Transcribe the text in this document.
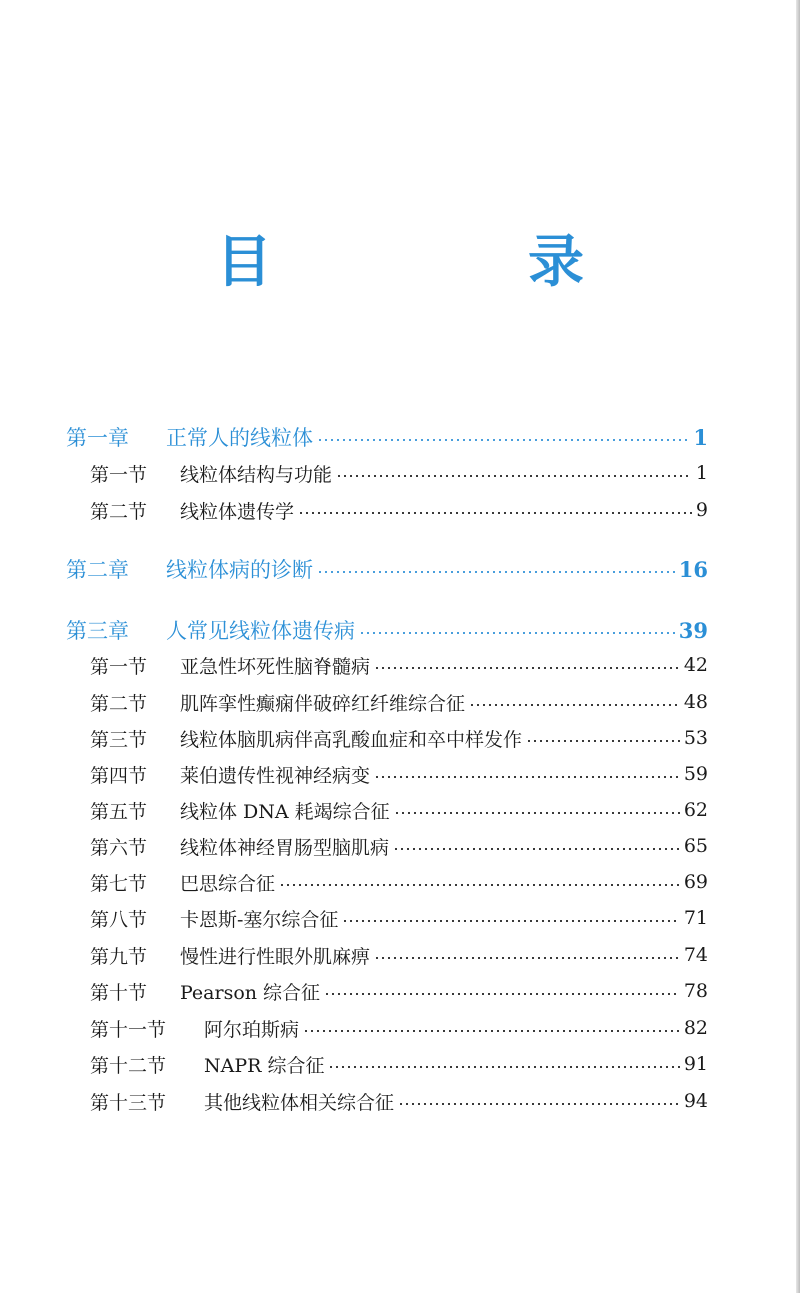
目　录
第一章 正常人的线粒体	1
第一节 线粒体结构与功能	1
第二节 线粒体遗传学	9
第二章 线粒体病的诊断	16
第三章 人常见线粒体遗传病	39
第一节 亚急性坏死性脑脊髓病	42
第二节 肌阵挛性癫痫伴破碎红纤维综合征	48
第三节 线粒体脑肌病伴高乳酸血症和卒中样发作	53
第四节 莱伯遗传性视神经病变	59
第五节 线粒体 DNA 耗竭综合征	62
第六节 线粒体神经胃肠型脑肌病	65
第七节 巴思综合征	69
第八节 卡恩斯-塞尔综合征	71
第九节 慢性进行性眼外肌麻痹	74
第十节 Pearson 综合征	78
第十一节 阿尔珀斯病	82
第十二节 NAPR 综合征	91
第十三节 其他线粒体相关综合征	94
